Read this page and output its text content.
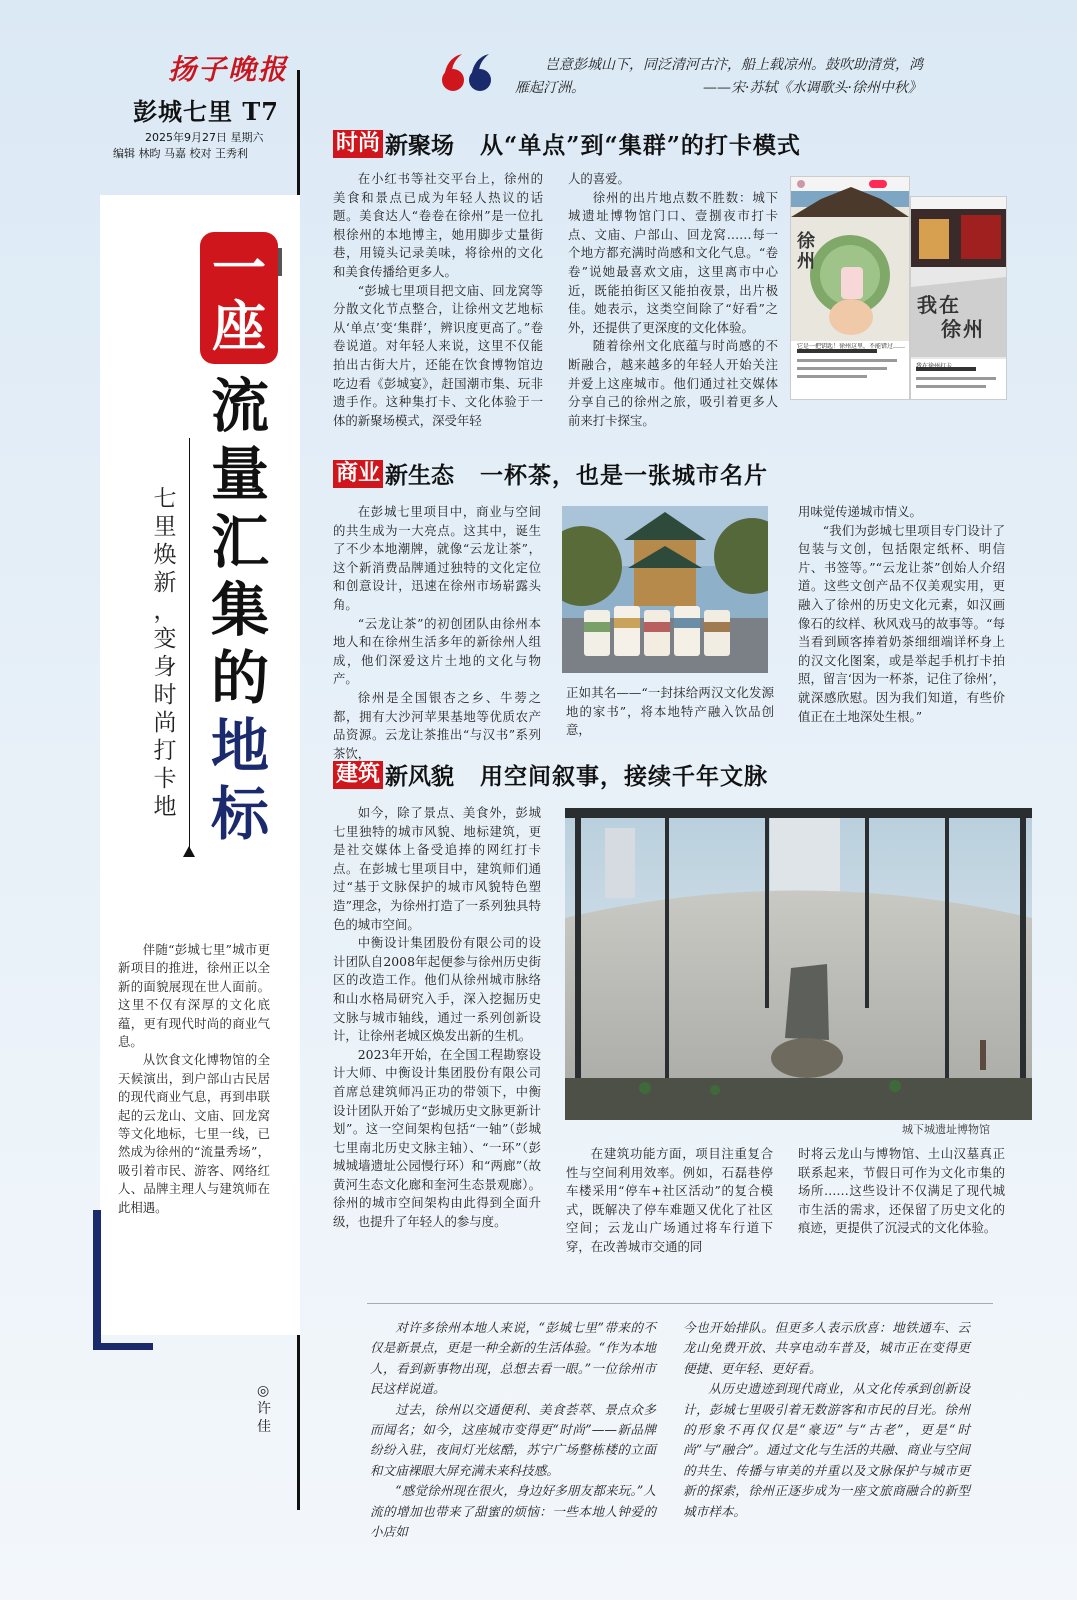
扬子晚报
彭城七里 T7
2025年9月27日 星期六
编辑 林昀 马嘉 校对 王秀利
岂意彭城山下，同泛清河古汴，船上载凉州。鼓吹助清赏，鸿
雁起汀洲。	——宋·苏轼《水调歌头·徐州中秋》
一
座
流
量
汇
集
的
地
标
七
里
焕
新
，
变
身
时
尚
打
卡
地

伴随“彭城七里”城市更新项目的推进，徐州正以全新的面貌展现在世人面前。这里不仅有深厚的文化底蕴，更有现代时尚的商业气息。

从饮食文化博物馆的全天候演出，到户部山古民居的现代商业气息，再到串联起的云龙山、文庙、回龙窝等文化地标，七里一线，已然成为徐州的“流量秀场”，吸引着市民、游客、网络红人、品牌主理人与建筑师在此相遇。

◎许佳
时尚 新聚场 从“单点”到“集群”的打卡模式

在小红书等社交平台上，徐州的美食和景点已成为年轻人热议的话题。美食达人“卷卷在徐州”是一位扎根徐州的本地博主，她用脚步丈量街巷，用镜头记录美味，将徐州的文化和美食传播给更多人。

“彭城七里项目把文庙、回龙窝等分散文化节点整合，让徐州文艺地标从‘单点’变‘集群’，辨识度更高了。”卷卷说道。对年轻人来说，这里不仅能拍出古街大片，还能在饮食博物馆边吃边看《彭城宴》，赶国潮市集、玩非遗手作。这种集打卡、文化体验于一体的新聚场模式，深受年轻

人的喜爱。

徐州的出片地点数不胜数：城下城遗址博物馆门口、壹捌夜市打卡点、文庙、户部山、回龙窝……每一个地方都充满时尚感和文化气息。“卷卷”说她最喜欢文庙，这里离市中心近，既能拍街区又能拍夜景，出片极佳。她表示，这类空间除了“好看”之外，还提供了更深度的文化体验。

随着徐州文化底蕴与时尚感的不断融合，越来越多的年轻人开始关注并爱上这座城市。他们通过社交媒体分享自己的徐州之旅，吸引着更多人前来打卡探宝。

徐州
它是一把钥匙！徐州这里，不能错过……
我在
徐州
我在徐州打卡
商业 新生态 一杯茶，也是一张城市名片

在彭城七里项目中，商业与空间的共生成为一大亮点。这其中，诞生了不少本地潮牌，就像“云龙让茶”，这个新消费品牌通过独特的文化定位和创意设计，迅速在徐州市场崭露头角。

“云龙让茶”的初创团队由徐州本地人和在徐州生活多年的新徐州人组成，他们深爱这片土地的文化与物产。

徐州是全国银杏之乡、牛蒡之都，拥有大沙河苹果基地等优质农产品资源。云龙让茶推出“与汉书”系列茶饮，

正如其名——“一封抹给两汉文化发源地的家书”，将本地特产融入饮品创意，

用味觉传递城市情义。

“我们为彭城七里项目专门设计了包装与文创，包括限定纸杯、明信片、书签等。”“云龙让茶”创始人介绍道。这些文创产品不仅美观实用，更融入了徐州的历史文化元素，如汉画像石的纹样、秋风戏马的故事等。“每当看到顾客捧着奶茶细细端详杯身上的汉文化图案，或是举起手机打卡拍照，留言‘因为一杯茶，记住了徐州’，就深感欣慰。因为我们知道，有些价值正在土地深处生根。”

建筑 新风貌 用空间叙事，接续千年文脉

如今，除了景点、美食外，彭城七里独特的城市风貌、地标建筑，更是社交媒体上备受追捧的网红打卡点。在彭城七里项目中，建筑师们通过“基于文脉保护的城市风貌特色塑造”理念，为徐州打造了一系列独具特色的城市空间。

中衡设计集团股份有限公司的设计团队自2008年起便参与徐州历史街区的改造工作。他们从徐州城市脉络和山水格局研究入手，深入挖掘历史文脉与城市轴线，通过一系列创新设计，让徐州老城区焕发出新的生机。

2023年开始，在全国工程勘察设计大师、中衡设计集团股份有限公司首席总建筑师冯正功的带领下，中衡设计团队开始了“彭城历史文脉更新计划”。这一空间架构包括“一轴”（彭城七里南北历史文脉主轴）、“一环”（彭城城墙遗址公园慢行环）和“两廊”（故黄河生态文化廊和奎河生态景观廊）。徐州的城市空间架构由此得到全面升级，也提升了年轻人的参与度。

城下城遗址博物馆

在建筑功能方面，项目注重复合性与空间利用效率。例如，石磊巷停车楼采用“停车+社区活动”的复合模式，既解决了停车难题又优化了社区空间；云龙山广场通过将车行道下穿，在改善城市交通的同

时将云龙山与博物馆、土山汉墓真正联系起来，节假日可作为文化市集的场所……这些设计不仅满足了现代城市生活的需求，还保留了历史文化的痕迹，更提供了沉浸式的文化体验。

对许多徐州本地人来说，“彭城七里”带来的不仅是新景点，更是一种全新的生活体验。“作为本地人，看到新事物出现，总想去看一眼。”一位徐州市民这样说道。

过去，徐州以交通便利、美食荟萃、景点众多而闻名；如今，这座城市变得更“时尚”——新品牌纷纷入驻，夜间灯光炫酷，苏宁广场整栋楼的立面和文庙裸眼大屏充满未来科技感。

“感觉徐州现在很火，身边好多朋友都来玩。”人流的增加也带来了甜蜜的烦恼：一些本地人钟爱的小店如

今也开始排队。但更多人表示欣喜：地铁通车、云龙山免费开放、共享电动车普及，城市正在变得更便捷、更年轻、更好看。

从历史遗迹到现代商业，从文化传承到创新设计，彭城七里吸引着无数游客和市民的目光。徐州的形象不再仅仅是“豪迈”与“古老”，更是“时尚”与“融合”。通过文化与生活的共融、商业与空间的共生、传播与审美的并重以及文脉保护与城市更新的探索，徐州正逐步成为一座文旅商融合的新型城市样本。
